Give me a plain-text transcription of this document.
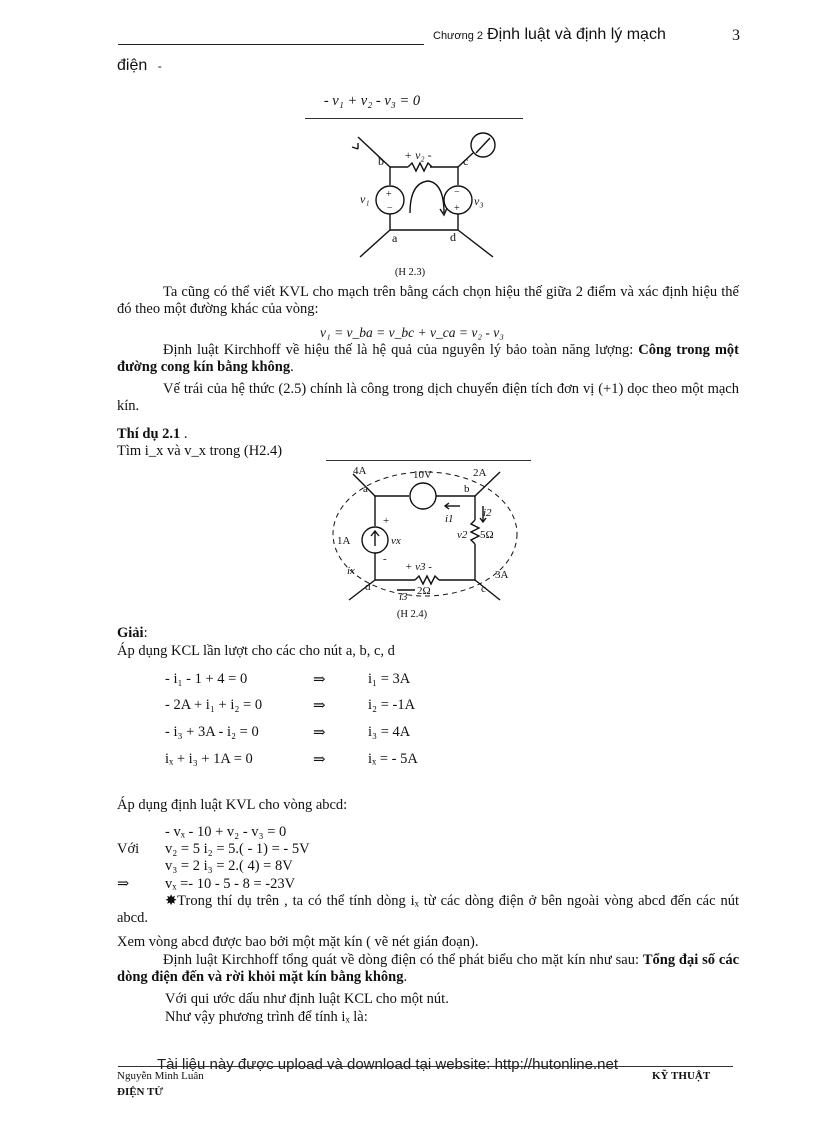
Chương 2 Định luật và định lý mạch	3
điện -
- v₁ + v₂ - v₃ = 0
b	c
a	d
v₁
+ v₂ -
v₃
+
−
−
+
(H 2.3)
Ta cũng có thể viết KVL cho mạch trên bằng cách chọn hiệu thế giữa 2 điểm và xác định hiệu thế đó theo một đường khác của vòng:
v₁ = v_ba = v_bc + v_ca = v₂ - v₃
Định luật Kirchhoff về hiệu thế là hệ quả của nguyên lý bảo toàn năng lượng: Công trong một đường cong kín bằng không.
Vế trái của hệ thức (2.5) chính là công trong dịch chuyển điện tích đơn vị (+1) dọc theo một mạch kín.
Thí dụ 2.1 .
Tìm i_x và v_x trong (H2.4)
4A	10V	2A
a	b
c
d
1A
3A
vx
i1	i2
v2 5Ω
+ v3 -
2Ω
ix
i3
+
-
(H 2.4)
Giải:
Áp dụng KCL lần lượt cho các cho nút a, b, c, d
- i₁ - 1 + 4 = 0	⇒	i₁ = 3A
- 2A + i₁ + i₂ = 0	⇒	i₂ = -1A
- i₃ + 3A - i₂ = 0	⇒	i₃ = 4A
iₓ + i₃ + 1A = 0	⇒	iₓ = - 5A
Áp dụng định luật KVL cho vòng abcd:
- vₓ - 10 + v₂ - v₃ = 0
Với v₂ = 5 i₂ = 5.( - 1) = - 5V
v₃ = 2 i₃ = 2.( 4) = 8V
⇒ vₓ =- 10 - 5 - 8 = -23V
✸Trong thí dụ trên , ta có thể tính dòng iₓ từ các dòng điện ở bên ngoài vòng abcd đến các nút abcd.
Xem vòng abcd được bao bởi một mặt kín ( vẽ nét gián đoạn).
Định luật Kirchhoff tổng quát về dòng điện có thể phát biểu cho mặt kín như sau: Tổng đại số các dòng điện đến và rời khỏi mặt kín bằng không.
Với qui ước dấu như định luật KCL cho một nút.
Như vậy phương trình để tính iₓ là:
Nguyễn Minh Luân
ĐIỆN TỬ
KỸ THUẬT
Tài liệu này được upload và download tại website: http://hutonline.net
